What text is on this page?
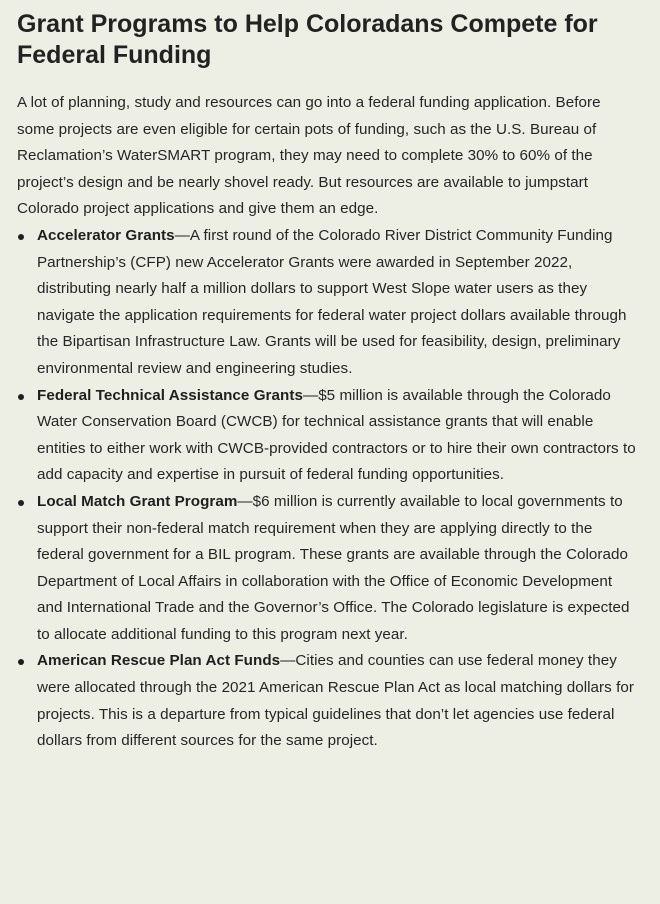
Grant Programs to Help Coloradans Compete for Federal Funding

A lot of planning, study and resources can go into a federal funding application. Before some projects are even eligible for certain pots of funding, such as the U.S. Bureau of Reclamation’s WaterSMART program, they may need to complete 30% to 60% of the project’s design and be nearly shovel ready. But resources are available to jumpstart Colorado project applications and give them an edge.

Accelerator Grants—A first round of the Colorado River District Community Funding Partnership’s (CFP) new Accelerator Grants were awarded in September 2022, distributing nearly half a million dollars to support West Slope water users as they navigate the application requirements for federal water project dollars available through the Bipartisan Infrastructure Law. Grants will be used for feasibility, design, preliminary environmental review and engineering studies.
Federal Technical Assistance Grants—$5 million is available through the Colorado Water Conservation Board (CWCB) for technical assistance grants that will enable entities to either work with CWCB-provided contractors or to hire their own contractors to add capacity and expertise in pursuit of federal funding opportunities.
Local Match Grant Program—$6 million is currently available to local governments to support their non-federal match requirement when they are applying directly to the federal government for a BIL program. These grants are available through the Colorado Department of Local Affairs in collaboration with the Office of Economic Development and International Trade and the Governor’s Office. The Colorado legislature is expected to allocate additional funding to this program next year.
American Rescue Plan Act Funds—Cities and counties can use federal money they were allocated through the 2021 American Rescue Plan Act as local matching dollars for projects. This is a departure from typical guidelines that don’t let agencies use federal dollars from different sources for the same project.
